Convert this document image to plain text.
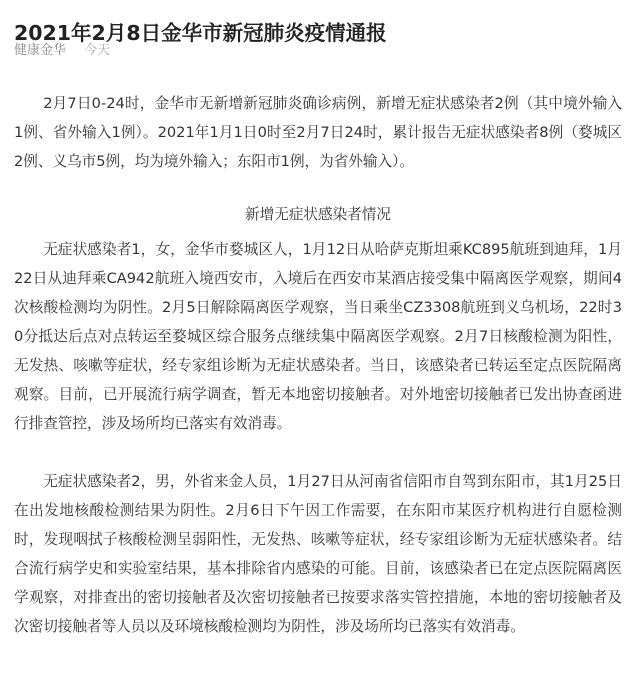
2021年2月8日金华市新冠肺炎疫情通报
健康金华 今天

2月7日0-24时，金华市无新增新冠肺炎确诊病例，新增无症状感染者2例（其中境外输入1例、省外输入1例）。2021年1月1日0时至2月7日24时，累计报告无症状感染者8例（婺城区2例、义乌市5例，均为境外输入；东阳市1例，为省外输入）。

新增无症状感染者情况

无症状感染者1，女，金华市婺城区人，1月12日从哈萨克斯坦乘KC895航班到迪拜，1月22日从迪拜乘CA942航班入境西安市，入境后在西安市某酒店接受集中隔离医学观察，期间4次核酸检测均为阴性。2月5日解除隔离医学观察，当日乘坐CZ3308航班到义乌机场，22时30分抵达后点对点转运至婺城区综合服务点继续集中隔离医学观察。2月7日核酸检测为阳性，无发热、咳嗽等症状，经专家组诊断为无症状感染者。当日，该感染者已转运至定点医院隔离观察。目前，已开展流行病学调查，暂无本地密切接触者。对外地密切接触者已发出协查函进行排查管控，涉及场所均已落实有效消毒。

无症状感染者2，男，外省来金人员，1月27日从河南省信阳市自驾到东阳市，其1月25日在出发地核酸检测结果为阴性。2月6日下午因工作需要，在东阳市某医疗机构进行自愿检测时，发现咽拭子核酸检测呈弱阳性，无发热、咳嗽等症状，经专家组诊断为无症状感染者。结合流行病学史和实验室结果，基本排除省内感染的可能。目前，该感染者已在定点医院隔离医学观察，对排查出的密切接触者及次密切接触者已按要求落实管控措施，本地的密切接触者及次密切接触者等人员以及环境核酸检测均为阴性，涉及场所均已落实有效消毒。
